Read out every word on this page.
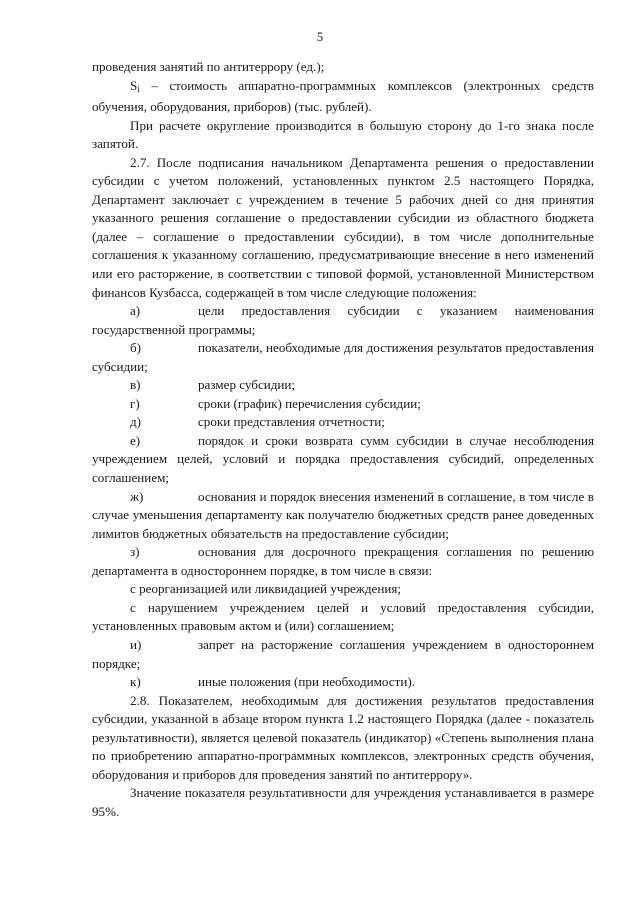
5

проведения занятий по антитеррору (ед.);

$S_i$ – стоимость аппаратно-программных комплексов (электронных средств обучения, оборудования, приборов) (тыс. рублей).

При расчете округление производится в большую сторону до 1-го знака после запятой.

2.7. После подписания начальником Департамента решения о предоставлении субсидии с учетом положений, установленных пунктом 2.5 настоящего Порядка, Департамент заключает с учреждением в течение 5 рабочих дней со дня принятия указанного решения соглашение о предоставлении субсидии из областного бюджета (далее – соглашение о предоставлении субсидии), в том числе дополнительные соглашения к указанному соглашению, предусматривающие внесение в него изменений или его расторжение, в соответствии с типовой формой, установленной Министерством финансов Кузбасса, содержащей в том числе следующие положения:

а)	цели предоставления субсидии с указанием наименования государственной программы;

б)	показатели, необходимые для достижения результатов предоставления субсидии;

в)	размер субсидии;

г)	сроки (график) перечисления субсидии;

д)	сроки представления отчетности;

е)	порядок и сроки возврата сумм субсидии в случае несоблюдения учреждением целей, условий и порядка предоставления субсидий, определенных соглашением;

ж)	основания и порядок внесения изменений в соглашение, в том числе в случае уменьшения департаменту как получателю бюджетных средств ранее доведенных лимитов бюджетных обязательств на предоставление субсидии;

з)	основания для досрочного прекращения соглашения по решению департамента в одностороннем порядке, в том числе в связи:

с реорганизацией или ликвидацией учреждения;

с нарушением учреждением целей и условий предоставления субсидии, установленных правовым актом и (или) соглашением;

и)	запрет на расторжение соглашения учреждением в одностороннем порядке;

к)	иные положения (при необходимости).

2.8. Показателем, необходимым для достижения результатов предоставления субсидии, указанной в абзаце втором пункта 1.2 настоящего Порядка (далее - показатель результативности), является целевой показатель (индикатор) «Степень выполнения плана по приобретению аппаратно-программных комплексов, электронных средств обучения, оборудования и приборов для проведения занятий по антитеррору».

Значение показателя результативности для учреждения устанавливается в размере 95%.
